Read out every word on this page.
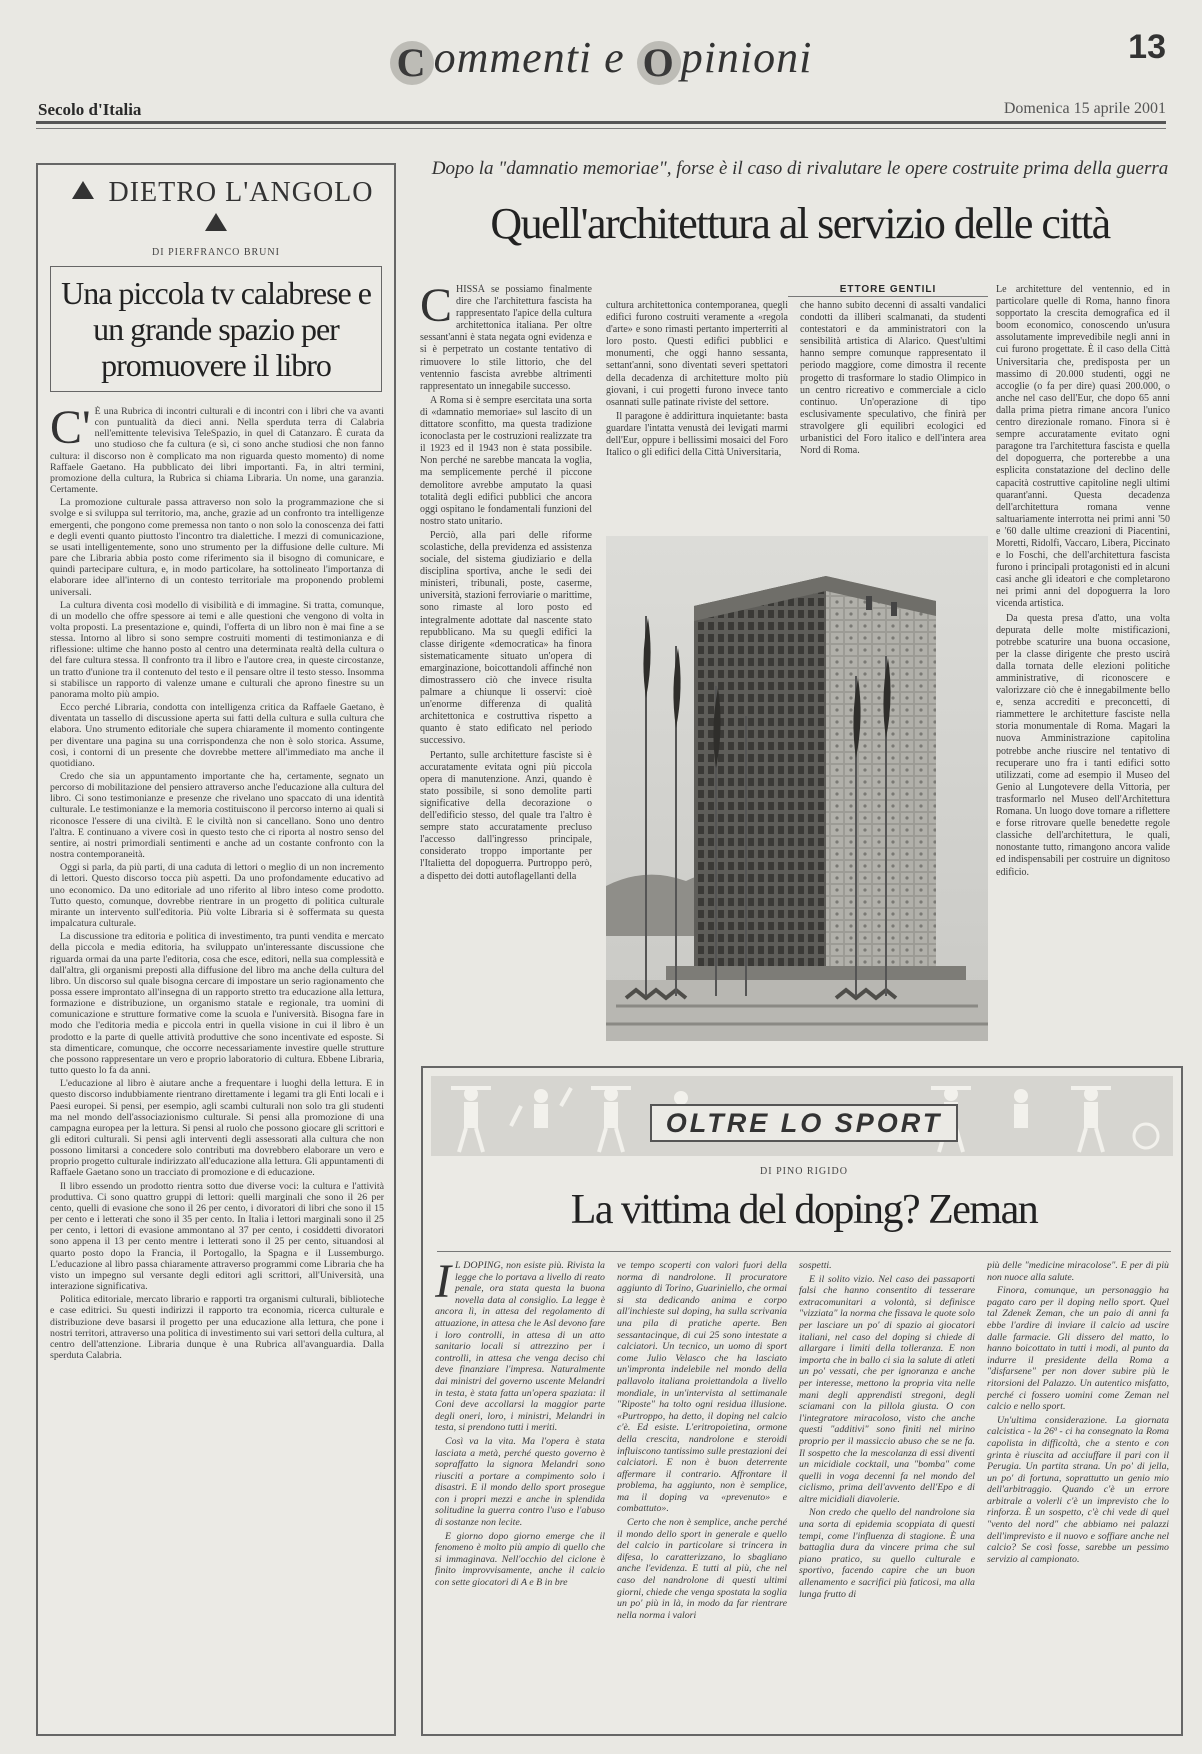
C ommenti e O pinioni	13
Secolo d'Italia	Domenica 15 aprile 2001
DIETRO L'ANGOLO
DI PIERFRANCO BRUNI
Una piccola tv calabrese e un grande spazio per promuovere il libro

C' È una Rubrica di incontri culturali e di incontri con i libri che va avanti con puntualità da dieci anni. Nella sperduta terra di Calabria nell'emittente televisiva TeleSpazio, in quel di Catanzaro. È curata da uno studioso che fa cultura (e sì, ci sono anche studiosi che non fanno cultura: il discorso non è complicato ma non riguarda questo momento) di nome Raffaele Gaetano. Ha pubblicato dei libri importanti. Fa, in altri termini, promozione della cultura, la Rubrica si chiama Libraria. Un nome, una garanzia. Certamente.

La promozione culturale passa attraverso non solo la programmazione che si svolge e si sviluppa sul territorio, ma, anche, grazie ad un confronto tra intelligenze emergenti, che pongono come premessa non tanto o non solo la conoscenza dei fatti e degli eventi quanto piuttosto l'incontro tra dialettiche. I mezzi di comunicazione, se usati intelligentemente, sono uno strumento per la diffusione delle culture. Mi pare che Libraria abbia posto come riferimento sia il bisogno di comunicare, e quindi partecipare cultura, e, in modo particolare, ha sottolineato l'importanza di elaborare idee all'interno di un contesto territoriale ma proponendo problemi universali.

La cultura diventa così modello di visibilità e di immagine. Si tratta, comunque, di un modello che offre spessore ai temi e alle questioni che vengono di volta in volta proposti. La presentazione e, quindi, l'offerta di un libro non è mai fine a se stessa. Intorno al libro si sono sempre costruiti momenti di testimonianza e di riflessione: ultime che hanno posto al centro una determinata realtà della cultura o del fare cultura stessa. Il confronto tra il libro e l'autore crea, in queste circostanze, un tratto d'unione tra il contenuto del testo e il pensare oltre il testo stesso. Insomma si stabilisce un rapporto di valenze umane e culturali che aprono finestre su un panorama molto più ampio.

Ecco perché Libraria, condotta con intelligenza critica da Raffaele Gaetano, è diventata un tassello di discussione aperta sui fatti della cultura e sulla cultura che elabora. Uno strumento editoriale che supera chiaramente il momento contingente per diventare una pagina su una corrispondenza che non è solo storica. Assume, così, i contorni di un presente che dovrebbe mettere all'immediato ma anche il quotidiano.

Credo che sia un appuntamento importante che ha, certamente, segnato un percorso di mobilitazione del pensiero attraverso anche l'educazione alla cultura del libro. Ci sono testimonianze e presenze che rivelano uno spaccato di una identità culturale. Le testimonianze e la memoria costituiscono il percorso interno ai quali si riconosce l'essere di una civiltà. E le civiltà non si cancellano. Sono uno dentro l'altra. E continuano a vivere così in questo testo che ci riporta al nostro senso del sentire, ai nostri primordiali sentimenti e anche ad un costante confronto con la nostra contemporaneità.

Oggi si parla, da più parti, di una caduta di lettori o meglio di un non incremento di lettori. Questo discorso tocca più aspetti. Da uno profondamente educativo ad uno economico. Da uno editoriale ad uno riferito al libro inteso come prodotto. Tutto questo, comunque, dovrebbe rientrare in un progetto di politica culturale mirante un intervento sull'editoria. Più volte Libraria si è soffermata su questa impalcatura culturale.

La discussione tra editoria e politica di investimento, tra punti vendita e mercato della piccola e media editoria, ha sviluppato un'interessante discussione che riguarda ormai da una parte l'editoria, cosa che esce, editori, nella sua complessità e dall'altra, gli organismi preposti alla diffusione del libro ma anche della cultura del libro. Un discorso sul quale bisogna cercare di impostare un serio ragionamento che possa essere improntato all'insegna di un rapporto stretto tra educazione alla lettura, formazione e distribuzione, un organismo statale e regionale, tra uomini di comunicazione e strutture formative come la scuola e l'università. Bisogna fare in modo che l'editoria media e piccola entri in quella visione in cui il libro è un prodotto e la parte di quelle attività produttive che sono incentivate ed esposte. Si sta dimenticare, comunque, che occorre necessariamente investire quelle strutture che possono rappresentare un vero e proprio laboratorio di cultura. Ebbene Libraria, tutto questo lo fa da anni.

L'educazione al libro è aiutare anche a frequentare i luoghi della lettura. E in questo discorso indubbiamente rientrano direttamente i legami tra gli Enti locali e i Paesi europei. Si pensi, per esempio, agli scambi culturali non solo tra gli studenti ma nel mondo dell'associazionismo culturale. Si pensi alla promozione di una campagna europea per la lettura. Si pensi al ruolo che possono giocare gli scrittori e gli editori culturali. Si pensi agli interventi degli assessorati alla cultura che non possono limitarsi a concedere solo contributi ma dovrebbero elaborare un vero e proprio progetto culturale indirizzato all'educazione alla lettura. Gli appuntamenti di Raffaele Gaetano sono un tracciato di promozione e di educazione.

Il libro essendo un prodotto rientra sotto due diverse voci: la cultura e l'attività produttiva. Ci sono quattro gruppi di lettori: quelli marginali che sono il 26 per cento, quelli di evasione che sono il 26 per cento, i divoratori di libri che sono il 15 per cento e i letterati che sono il 35 per cento. In Italia i lettori marginali sono il 25 per cento, i lettori di evasione ammontano al 37 per cento, i cosiddetti divoratori sono appena il 13 per cento mentre i letterati sono il 25 per cento, situandosi al quarto posto dopo la Francia, il Portogallo, la Spagna e il Lussemburgo. L'educazione al libro passa chiaramente attraverso programmi come Libraria che ha visto un impegno sul versante degli editori agli scrittori, all'Università, una interazione significativa.

Politica editoriale, mercato librario e rapporti tra organismi culturali, biblioteche e case editrici. Su questi indirizzi il rapporto tra economia, ricerca culturale e distribuzione deve basarsi il progetto per una educazione alla lettura, che pone i nostri territori, attraverso una politica di investimento sui vari settori della cultura, al centro dell'attenzione. Libraria dunque è una Rubrica all'avanguardia. Dalla sperduta Calabria.

Dopo la "damnatio memoriae", forse è il caso di rivalutare le opere costruite prima della guerra
Quell'architettura al servizio delle città

CHISSÀ se possiamo finalmente dire che l'architettura fascista ha rappresentato l'apice della cultura architettonica italiana. Per oltre sessant'anni è stata negata ogni evidenza e si è perpetrato un costante tentativo di rimuovere lo stile littorio, che del ventennio fascista avrebbe altrimenti rappresentato un innegabile successo.

A Roma si è sempre esercitata una sorta di «damnatio memoriae» sul lascito di un dittatore sconfitto, ma questa tradizione iconoclasta per le costruzioni realizzate tra il 1923 ed il 1943 non è stata possibile. Non perché ne sarebbe mancata la voglia, ma semplicemente perché il piccone demolitore avrebbe amputato la quasi totalità degli edifici pubblici che ancora oggi ospitano le fondamentali funzioni del nostro stato unitario.

Perciò, alla pari delle riforme scolastiche, della previdenza ed assistenza sociale, del sistema giudiziario e della disciplina sportiva, anche le sedi dei ministeri, tribunali, poste, caserme, università, stazioni ferroviarie o marittime, sono rimaste al loro posto ed integralmente adottate dal nascente stato repubblicano. Ma su quegli edifici la classe dirigente «democratica» ha finora sistematicamente situato un'opera di emarginazione, boicottandoli affinché non dimostrassero ciò che invece risulta palmare a chiunque li osservi: cioè un'enorme differenza di qualità architettonica e costruttiva rispetto a quanto è stato edificato nel periodo successivo.

Pertanto, sulle architetture fasciste si è accuratamente evitata ogni più piccola opera di manutenzione. Anzi, quando è stato possibile, si sono demolite parti significative della decorazione o dell'edificio stesso, del quale tra l'altro è sempre stato accuratamente precluso l'accesso dall'ingresso principale, considerato troppo importante per l'Italietta del dopoguerra. Purtroppo però, a dispetto dei dotti autoflagellanti della

ETTORE GENTILI

cultura architettonica contemporanea, quegli edifici furono costruiti veramente a «regola d'arte» e sono rimasti pertanto imperterriti al loro posto. Questi edifici pubblici e monumenti, che oggi hanno sessanta, settant'anni, sono diventati severi spettatori della decadenza di architetture molto più giovani, i cui progetti furono invece tanto osannati sulle patinate riviste del settore.

Il paragone è addirittura inquietante: basta guardare l'intatta venustà dei levigati marmi dell'Eur, oppure i bellissimi mosaici del Foro Italico o gli edifici della Città Universitaria,

che hanno subito decenni di assalti vandalici condotti da illiberi scalmanati, da studenti contestatori e da amministratori con la sensibilità artistica di Alarico. Quest'ultimi hanno sempre comunque rappresentato il periodo maggiore, come dimostra il recente progetto di trasformare lo stadio Olimpico in un centro ricreativo e commerciale a ciclo continuo. Un'operazione di tipo esclusivamente speculativo, che finirà per stravolgere gli equilibri ecologici ed urbanistici del Foro italico e dell'intera area Nord di Roma.

Le architetture del ventennio, ed in particolare quelle di Roma, hanno finora sopportato la crescita demografica ed il boom economico, conoscendo un'usura assolutamente imprevedibile negli anni in cui furono progettate. È il caso della Città Universitaria che, predisposta per un massimo di 20.000 studenti, oggi ne accoglie (o fa per dire) quasi 200.000, o anche nel caso dell'Eur, che dopo 65 anni dalla prima pietra rimane ancora l'unico centro direzionale romano. Finora si è sempre accuratamente evitato ogni paragone tra l'architettura fascista e quella del dopoguerra, che porterebbe a una esplicita constatazione del declino delle capacità costruttive capitoline negli ultimi quarant'anni. Questa decadenza dell'architettura romana venne saltuariamente interrotta nei primi anni '50 e '60 dalle ultime creazioni di Piacentini, Moretti, Ridolfi, Vaccaro, Libera, Piccinato e lo Foschi, che dell'architettura fascista furono i principali protagonisti ed in alcuni casi anche gli ideatori e che completarono nei primi anni del dopoguerra la loro vicenda artistica.

Da questa presa d'atto, una volta depurata delle molte mistificazioni, potrebbe scaturire una buona occasione, per la classe dirigente che presto uscirà dalla tornata delle elezioni politiche amministrative, di riconoscere e valorizzare ciò che è innegabilmente bello e, senza accrediti e preconcetti, di riammettere le architetture fasciste nella storia monumentale di Roma. Magari la nuova Amministrazione capitolina potrebbe anche riuscire nel tentativo di recuperare uno fra i tanti edifici sotto utilizzati, come ad esempio il Museo del Genio al Lungotevere della Vittoria, per trasformarlo nel Museo dell'Architettura Romana. Un luogo dove tornare a riflettere e forse ritrovare quelle benedette regole classiche dell'architettura, le quali, nonostante tutto, rimangono ancora valide ed indispensabili per costruire un dignitoso edificio.

OLTRE LO SPORT
DI PINO RIGIDO
La vittima del doping? Zeman

I L DOPING, non esiste più. Rivista la legge che lo portava a livello di reato penale, ora stata questa la buona novella data al consiglio. La legge è ancora lì, in attesa del regolamento di attuazione, in attesa che le Asl devono fare i loro controlli, in attesa di un atto sanitario locali si attrezzino per i controlli, in attesa che venga deciso chi deve finanziare l'impresa. Naturalmente dai ministri del governo uscente Melandri in testa, è stata fatta un'opera spaziata: il Coni deve accollarsi la maggior parte degli oneri, loro, i ministri, Melandri in testa, si prendono tutti i meriti.

Così va la vita. Ma l'opera è stata lasciata a metà, perché questo governo è sopraffatto la signora Melandri sono riusciti a portare a compimento solo i disastri. E il mondo dello sport prosegue con i propri mezzi e anche in splendida solitudine la guerra contro l'uso e l'abuso di sostanze non lecite.

E giorno dopo giorno emerge che il fenomeno è molto più ampio di quello che si immaginava. Nell'occhio del ciclone è finito improvvisamente, anche il calcio con sette giocatori di A e B in bre

ve tempo scoperti con valori fuori della norma di nandrolone. Il procuratore aggiunto di Torino, Guariniello, che ormai si sta dedicando anima e corpo all'inchieste sul doping, ha sulla scrivania una pila di pratiche aperte. Ben sessantacinque, di cui 25 sono intestate a calciatori. Un tecnico, un uomo di sport come Julio Velasco che ha lasciato un'impronta indelebile nel mondo della pallavolo italiana proiettandola a livello mondiale, in un'intervista al settimanale "Riposte" ha tolto ogni residua illusione. «Purtroppo, ha detto, il doping nel calcio c'è. Ed esiste. L'eritropoietina, ormone della crescita, nandrolone e steroidi influiscono tantissimo sulle prestazioni dei calciatori. E non è buon deterrente affermare il contrario. Affrontare il problema, ha aggiunto, non è semplice, ma il doping va «prevenuto» e combattuto».

Certo che non è semplice, anche perché il mondo dello sport in generale e quello del calcio in particolare si trincera in difesa, lo caratterizzano, lo sbagliano anche l'evidenza. E tutti al più, che nel caso del nandrolone di questi ultimi giorni, chiede che venga spostata la soglia un po' più in là, in modo da far rientrare nella norma i valori

sospetti.

E il solito vizio. Nel caso dei passaporti falsi che hanno consentito di tesserare extracomunitari a volontà, si definisce "vizziata" la norma che fissava le quote solo per lasciare un po' di spazio ai giocatori italiani, nel caso del doping si chiede di allargare i limiti della tolleranza. E non importa che in ballo ci sia la salute di atleti un po' vessati, che per ignoranza e anche per interesse, mettono la propria vita nelle mani degli apprendisti stregoni, degli sciamani con la pillola giusta. O con l'integratore miracoloso, visto che anche questi "additivi" sono finiti nel mirino proprio per il massiccio abuso che se ne fa. Il sospetto che la mescolanza di essi diventi un micidiale cocktail, una "bomba" come quelli in voga decenni fa nel mondo del ciclismo, prima dell'avvento dell'Epo e di altre micidiali diavolerie.

Non credo che quello del nandrolone sia una sorta di epidemia scoppiata di questi tempi, come l'influenza di stagione. È una battaglia dura da vincere prima che sul piano pratico, su quello culturale e sportivo, facendo capire che un buon allenamento e sacrifici più faticosi, ma alla lunga frutto di

più delle "medicine miracolose". E per di più non nuoce alla salute.

Finora, comunque, un personaggio ha pagato caro per il doping nello sport. Quel tal Zdenek Zeman, che un paio di anni fa ebbe l'ardire di inviare il calcio ad uscire dalle farmacie. Gli dissero del matto, lo hanno boicottato in tutti i modi, al punto da indurre il presidente della Roma a "disfarsene" per non dover subire più le ritorsioni del Palazzo. Un autentico misfatto, perché ci fossero uomini come Zeman nel calcio e nello sport.

Un'ultima considerazione. La giornata calcistica - la 26ª - ci ha consegnato la Roma capolista in difficoltà, che a stento e con grinta è riuscita ad acciuffare il pari con il Perugia. Un partita strana. Un po' di jella, un po' di fortuna, soprattutto un genio mio dell'arbitraggio. Quando c'è un errore arbitrale a volerli c'è un imprevisto che lo rinforza. È un sospetto, c'è chi vede di quel "vento del nord" che abbiamo nei palazzi dell'imprevisto e il nuovo e soffiare anche nel calcio? Se così fosse, sarebbe un pessimo servizio al campionato.
